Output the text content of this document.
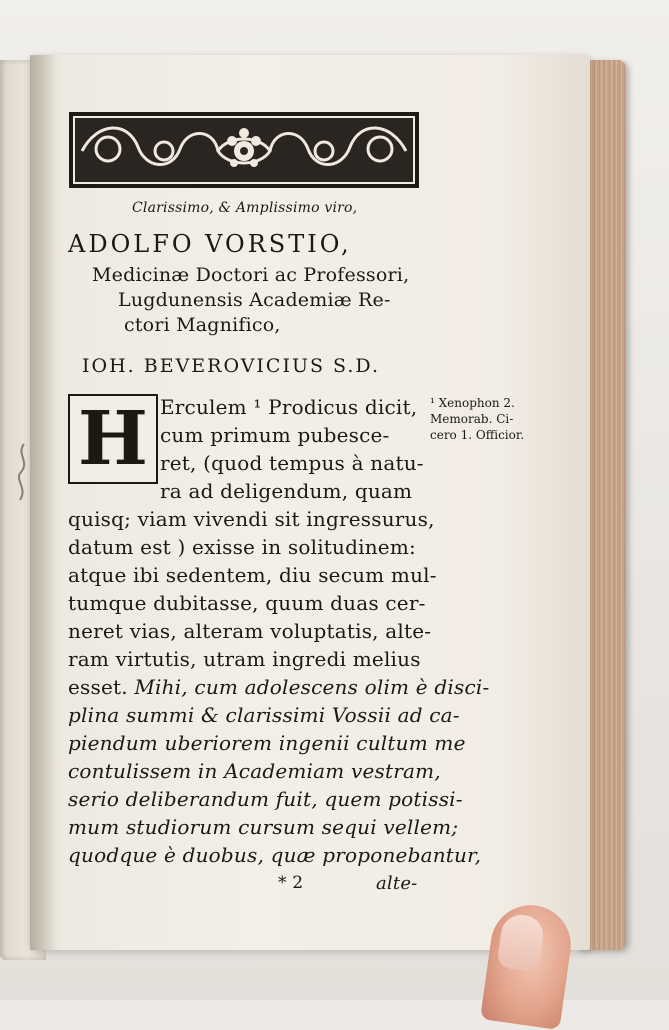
Clarissimo, & Amplissimo viro,
ADOLFO VORSTIO,
Medicinæ Doctori ac Professori,
Lugdunensis Academiæ Re-
ctori Magnifico,
IOH. BEVEROVICIUS S.D.
H Erculem ¹ Prodicus dicit,
cum primum pubesce-
ret, (quod tempus à natu-
ra ad deligendum, quam
quisq; viam vivendi sit ingressurus,
datum est ) exisse in solitudinem:
atque ibi sedentem, diu secum mul-
tumque dubitasse, quum duas cer-
neret vias, alteram voluptatis, alte-
ram virtutis, utram ingredi melius
esset. Mihi, cum adolescens olim è disci-
plina summi & clarissimi Vossii ad ca-
piendum uberiorem ingenii cultum me
contulissem in Academiam vestram,
serio deliberandum fuit, quem potissi-
mum studiorum cursum sequi vellem;
quodque è duobus, quæ proponebantur,
* 2	alte-
¹ Xenophon 2.
Memorab. Ci-
cero 1. Officior.
